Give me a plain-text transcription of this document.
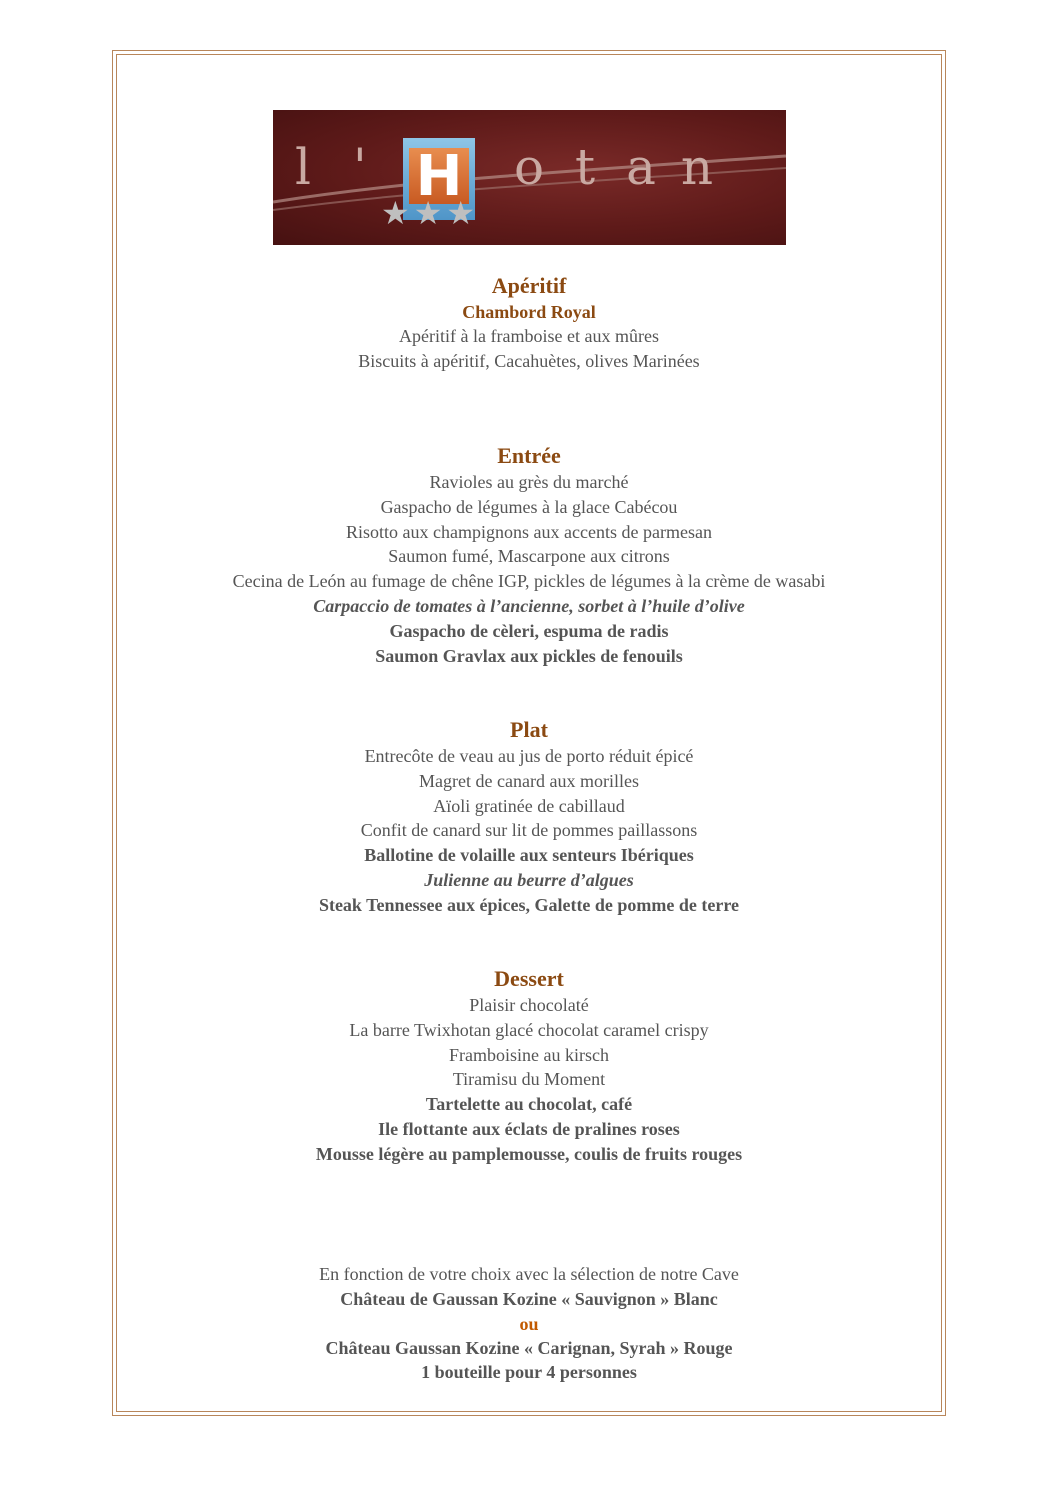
l ' H o t a n
★★★
Apéritif
Chambord Royal
Apéritif à la framboise et aux mûres
Biscuits à apéritif, Cacahuètes, olives Marinées
Entrée
Ravioles au grès du marché
Gaspacho de légumes à la glace Cabécou
Risotto aux champignons aux accents de parmesan
Saumon fumé, Mascarpone aux citrons
Cecina de León au fumage de chêne IGP, pickles de légumes à la crème de wasabi
Carpaccio de tomates à l’ancienne, sorbet à l’huile d’olive
Gaspacho de cèleri, espuma de radis
Saumon Gravlax aux pickles de fenouils
Plat
Entrecôte de veau au jus de porto réduit épicé
Magret de canard aux morilles
Aïoli gratinée de cabillaud
Confit de canard sur lit de pommes paillassons
Ballotine de volaille aux senteurs Ibériques
Julienne au beurre d’algues
Steak Tennessee aux épices, Galette de pomme de terre
Dessert
Plaisir chocolaté
La barre Twixhotan glacé chocolat caramel crispy
Framboisine au kirsch
Tiramisu du Moment
Tartelette au chocolat, café
Ile flottante aux éclats de pralines roses
Mousse légère au pamplemousse, coulis de fruits rouges
En fonction de votre choix avec la sélection de notre Cave
Château de Gaussan Kozine « Sauvignon » Blanc
ou
Château Gaussan Kozine « Carignan, Syrah » Rouge
1 bouteille pour 4 personnes
